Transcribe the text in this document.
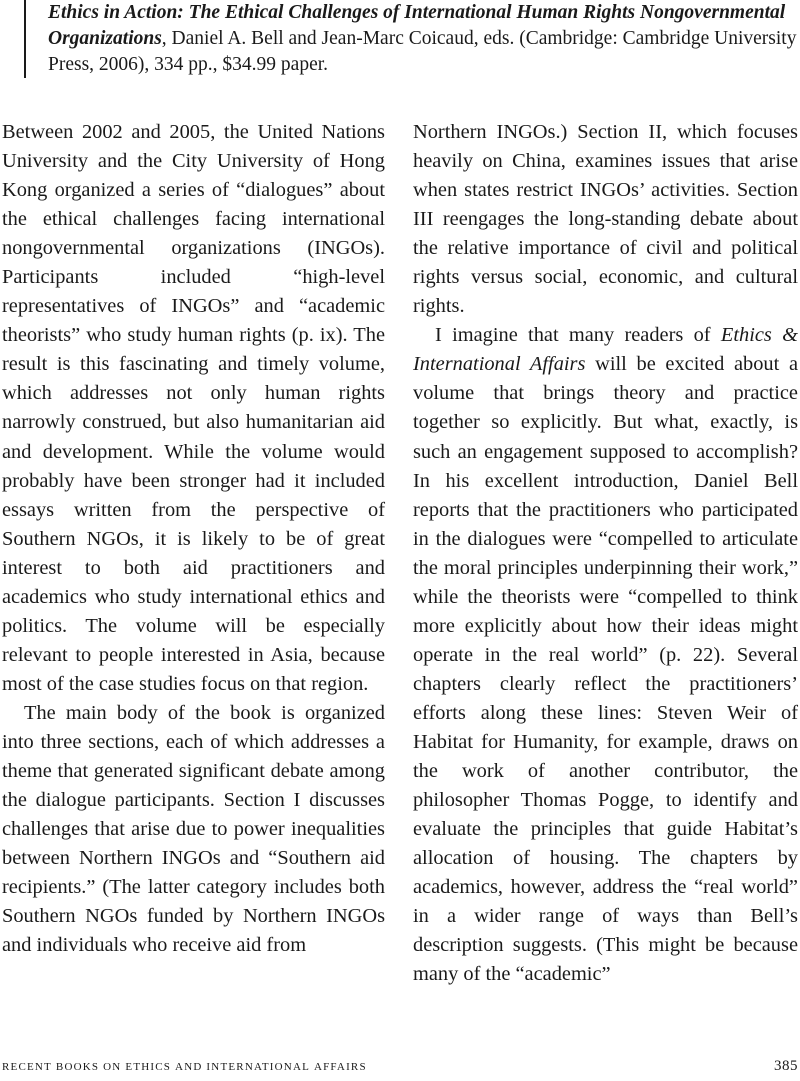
Ethics in Action: The Ethical Challenges of International Human Rights Nongovernmental Organizations, Daniel A. Bell and Jean-Marc Coicaud, eds. (Cambridge: Cambridge University Press, 2006), 334 pp., $34.99 paper.

Between 2002 and 2005, the United Nations University and the City University of Hong Kong organized a series of “dialogues” about the ethical challenges facing international nongovernmental organizations (INGOs). Participants included “high-level representatives of INGOs” and “academic theorists” who study human rights (p. ix). The result is this fascinating and timely volume, which addresses not only human rights narrowly construed, but also humanitarian aid and development. While the volume would probably have been stronger had it included essays written from the perspective of Southern NGOs, it is likely to be of great interest to both aid practitioners and academics who study international ethics and politics. The volume will be especially relevant to people interested in Asia, because most of the case studies focus on that region.

The main body of the book is organized into three sections, each of which addresses a theme that generated significant debate among the dialogue participants. Section I discusses challenges that arise due to power inequalities between Northern INGOs and “Southern aid recipients.” (The latter category includes both Southern NGOs funded by Northern INGOs and individuals who receive aid from

Northern INGOs.) Section II, which focuses heavily on China, examines issues that arise when states restrict INGOs’ activities. Section III reengages the long-standing debate about the relative importance of civil and political rights versus social, economic, and cultural rights.

I imagine that many readers of Ethics & International Affairs will be excited about a volume that brings theory and practice together so explicitly. But what, exactly, is such an engagement supposed to accomplish? In his excellent introduction, Daniel Bell reports that the practitioners who participated in the dialogues were “compelled to articulate the moral principles underpinning their work,” while the theorists were “compelled to think more explicitly about how their ideas might operate in the real world” (p. 22). Several chapters clearly reflect the practitioners’ efforts along these lines: Steven Weir of Habitat for Humanity, for example, draws on the work of another contributor, the philosopher Thomas Pogge, to identify and evaluate the principles that guide Habitat’s allocation of housing. The chapters by academics, however, address the “real world” in a wider range of ways than Bell’s description suggests. (This might be because many of the “academic”

recent books on ethics and international affairs	385
